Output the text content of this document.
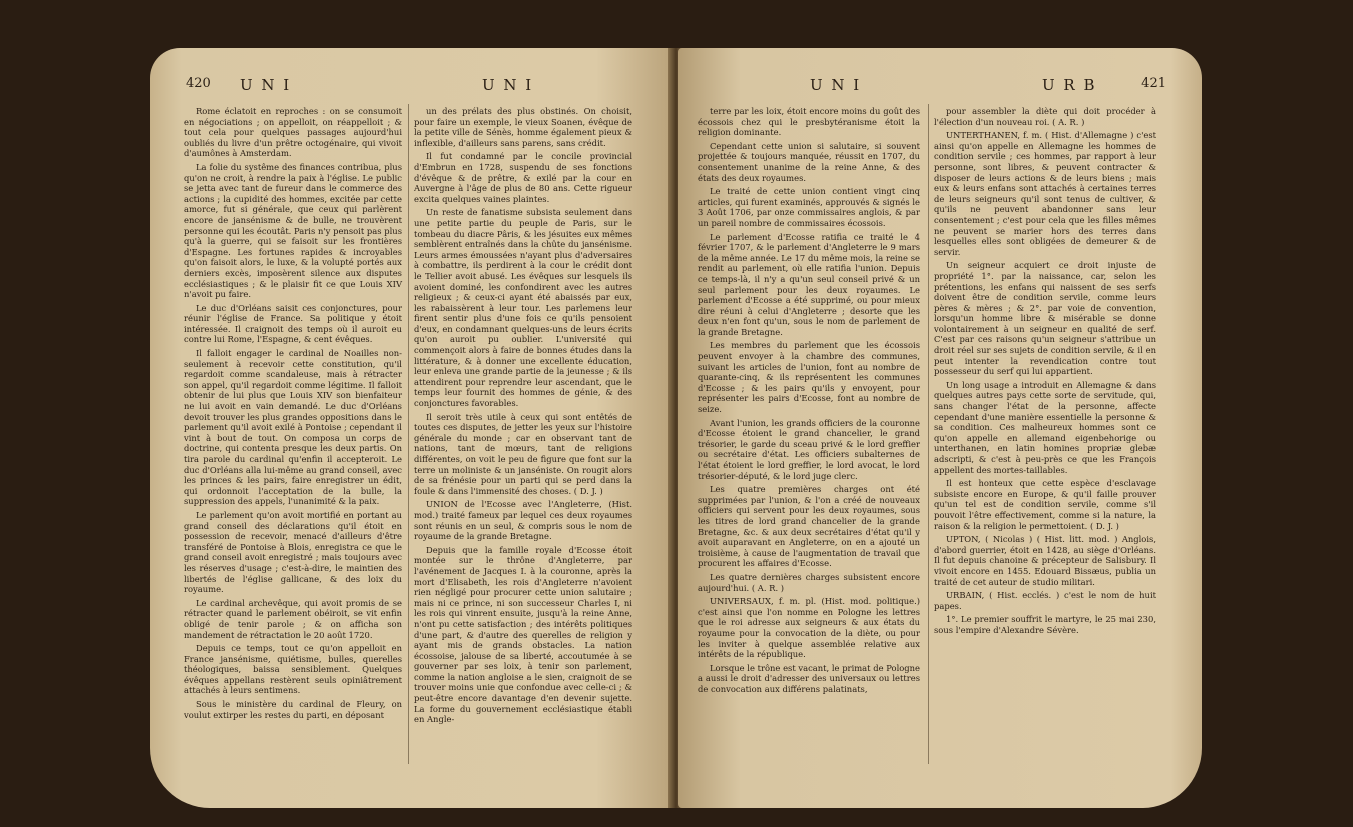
420 U N I	U N I

Rome éclatoit en reproches : on se consumoit en négociations ; on appelloit, on réappelloit ; & tout cela pour quelques passages aujourd'hui oubliés du livre d'un prêtre octogénaire, qui vivoit d'aumônes à Amsterdam.

La folie du systême des finances contribua, plus qu'on ne croit, à rendre la paix à l'église. Le public se jetta avec tant de fureur dans le commerce des actions ; la cupidité des hommes, excitée par cette amorce, fut si générale, que ceux qui parlèrent encore de jansénisme & de bulle, ne trouvèrent personne qui les écoutât. Paris n'y pensoit pas plus qu'à la guerre, qui se faisoit sur les frontières d'Espagne. Les fortunes rapides & incroyables qu'on faisoit alors, le luxe, & la volupté portés aux derniers excès, imposèrent silence aux disputes ecclésiastiques ; & le plaisir fit ce que Louis XIV n'avoit pu faire.

Le duc d'Orléans saisit ces conjonctures, pour réunir l'église de France. Sa politique y étoit intéressée. Il craignoit des temps où il auroit eu contre lui Rome, l'Espagne, & cent évêques.

Il falloit engager le cardinal de Noailles non-seulement à recevoir cette constitution, qu'il regardoit comme scandaleuse, mais à rétracter son appel, qu'il regardoit comme légitime. Il falloit obtenir de lui plus que Louis XIV son bienfaiteur ne lui avoit en vain demandé. Le duc d'Orléans devoit trouver les plus grandes oppositions dans le parlement qu'il avoit exilé à Pontoise ; cependant il vint à bout de tout. On composa un corps de doctrine, qui contenta presque les deux partis. On tira parole du cardinal qu'enfin il accepteroit. Le duc d'Orléans alla lui-même au grand conseil, avec les princes & les pairs, faire enregistrer un édit, qui ordonnoit l'acceptation de la bulle, la suppression des appels, l'unanimité & la paix.

Le parlement qu'on avoit mortifié en portant au grand conseil des déclarations qu'il étoit en possession de recevoir, menacé d'ailleurs d'être transféré de Pontoise à Blois, enregistra ce que le grand conseil avoit enregistré ; mais toujours avec les réserves d'usage ; c'est-à-dire, le maintien des libertés de l'église gallicane, & des loix du royaume.

Le cardinal archevêque, qui avoit promis de se rétracter quand le parlement obéiroit, se vit enfin obligé de tenir parole ; & on afficha son mandement de rétractation le 20 août 1720.

Depuis ce temps, tout ce qu'on appelloit en France jansénisme, quiétisme, bulles, querelles théologiques, baissa sensiblement. Quelques évêques appellans restèrent seuls opiniâtrement attachés à leurs sentimens.

Sous le ministère du cardinal de Fleury, on voulut extirper les restes du parti, en déposant

un des prélats des plus obstinés. On choisit, pour faire un exemple, le vieux Soanen, évêque de la petite ville de Sénès, homme également pieux & inflexible, d'ailleurs sans parens, sans crédit.

Il fut condamné par le concile provincial d'Embrun en 1728, suspendu de ses fonctions d'évêque & de prêtre, & exilé par la cour en Auvergne à l'âge de plus de 80 ans. Cette rigueur excita quelques vaines plaintes.

Un reste de fanatisme subsista seulement dans une petite partie du peuple de Paris, sur le tombeau du diacre Pâris, & les jésuites eux mêmes semblèrent entraînés dans la chûte du jansénisme. Leurs armes émoussées n'ayant plus d'adversaires à combattre, ils perdirent à la cour le crédit dont le Tellier avoit abusé. Les évêques sur lesquels ils avoient dominé, les confondirent avec les autres religieux ; & ceux-ci ayant été abaissés par eux, les rabaissèrent à leur tour. Les parlemens leur firent sentir plus d'une fois ce qu'ils pensoient d'eux, en condamnant quelques-uns de leurs écrits qu'on auroit pu oublier. L'université qui commençoit alors à faire de bonnes études dans la littérature, & à donner une excellente éducation, leur enleva une grande partie de la jeunesse ; & ils attendirent pour reprendre leur ascendant, que le temps leur fournit des hommes de génie, & des conjonctures favorables.

Il seroit très utile à ceux qui sont entêtés de toutes ces disputes, de jetter les yeux sur l'histoire générale du monde ; car en observant tant de nations, tant de mœurs, tant de religions différentes, on voit le peu de figure que font sur la terre un moliniste & un janséniste. On rougit alors de sa frénésie pour un parti qui se perd dans la foule & dans l'immensité des choses. ( D. J. )

UNION de l'Ecosse avec l'Angleterre, (Hist. mod.) traité fameux par lequel ces deux royaumes sont réunis en un seul, & compris sous le nom de royaume de la grande Bretagne.

Depuis que la famille royale d'Ecosse étoit montée sur le thrône d'Angleterre, par l'avénement de Jacques I. à la couronne, après la mort d'Elisabeth, les rois d'Angleterre n'avoient rien négligé pour procurer cette union salutaire ; mais ni ce prince, ni son successeur Charles I, ni les rois qui vinrent ensuite, jusqu'à la reine Anne, n'ont pu cette satisfaction ; des intérêts politiques d'une part, & d'autre des querelles de religion y ayant mis de grands obstacles. La nation écossoise, jalouse de sa liberté, accoutumée à se gouverner par ses loix, à tenir son parlement, comme la nation angloise a le sien, craignoit de se trouver moins unie que confondue avec celle-ci ; & peut-être encore davantage d'en devenir sujette. La forme du gouvernement ecclésiastique établi en Angle-

U N I	U R B	421

terre par les loix, étoit encore moins du goût des écossois chez qui le presbytéranisme étoit la religion dominante.

Cependant cette union si salutaire, si souvent projettée & toujours manquée, réussit en 1707, du consentement unanime de la reine Anne, & des états des deux royaumes.

Le traité de cette union contient vingt cinq articles, qui furent examinés, approuvés & signés le 3 Août 1706, par onze commissaires anglois, & par un pareil nombre de commissaires écossois.

Le parlement d'Ecosse ratifia ce traité le 4 février 1707, & le parlement d'Angleterre le 9 mars de la même année. Le 17 du même mois, la reine se rendit au parlement, où elle ratifia l'union. Depuis ce temps-là, il n'y a qu'un seul conseil privé & un seul parlement pour les deux royaumes. Le parlement d'Ecosse a été supprimé, ou pour mieux dire réuni à celui d'Angleterre ; desorte que les deux n'en font qu'un, sous le nom de parlement de la grande Bretagne.

Les membres du parlement que les écossois peuvent envoyer à la chambre des communes, suivant les articles de l'union, font au nombre de quarante-cinq, & ils représentent les communes d'Ecosse ; & les pairs qu'ils y envoyent, pour représenter les pairs d'Ecosse, font au nombre de seize.

Avant l'union, les grands officiers de la couronne d'Ecosse étoient le grand chancelier, le grand trésorier, le garde du sceau privé & le lord greffier ou secrétaire d'état. Les officiers subalternes de l'état étoient le lord greffier, le lord avocat, le lord trésorier-député, & le lord juge clerc.

Les quatre premières charges ont été supprimées par l'union, & l'on a créé de nouveaux officiers qui servent pour les deux royaumes, sous les titres de lord grand chancelier de la grande Bretagne, &c. & aux deux secrétaires d'état qu'il y avoit auparavant en Angleterre, on en a ajouté un troisième, à cause de l'augmentation de travail que procurent les affaires d'Ecosse.

Les quatre dernières charges subsistent encore aujourd'hui. ( A. R. )

UNIVERSAUX, f. m. pl. (Hist. mod. politique.) c'est ainsi que l'on nomme en Pologne les lettres que le roi adresse aux seigneurs & aux états du royaume pour la convocation de la diète, ou pour les inviter à quelque assemblée relative aux intérêts de la république.

Lorsque le trône est vacant, le primat de Pologne a aussi le droit d'adresser des universaux ou lettres de convocation aux différens palatinats,

pour assembler la diète qui doit procéder à l'élection d'un nouveau roi. ( A. R. )

UNTERTHANEN, f. m. ( Hist. d'Allemagne ) c'est ainsi qu'on appelle en Allemagne les hommes de condition servile ; ces hommes, par rapport à leur personne, sont libres, & peuvent contracter & disposer de leurs actions & de leurs biens ; mais eux & leurs enfans sont attachés à certaines terres de leurs seigneurs qu'il sont tenus de cultiver, & qu'ils ne peuvent abandonner sans leur consentement ; c'est pour cela que les filles mêmes ne peuvent se marier hors des terres dans lesquelles elles sont obligées de demeurer & de servir.

Un seigneur acquiert ce droit injuste de propriété 1°. par la naissance, car, selon les prétentions, les enfans qui naissent de ses serfs doivent être de condition servile, comme leurs pères & mères ; & 2°. par voie de convention, lorsqu'un homme libre & misérable se donne volontairement à un seigneur en qualité de serf. C'est par ces raisons qu'un seigneur s'attribue un droit réel sur ses sujets de condition servile, & il en peut intenter la revendication contre tout possesseur du serf qui lui appartient.

Un long usage a introduit en Allemagne & dans quelques autres pays cette sorte de servitude, qui, sans changer l'état de la personne, affecte cependant d'une manière essentielle la personne & sa condition. Ces malheureux hommes sont ce qu'on appelle en allemand eigenbehorige ou unterthanen, en latin homines propriæ glebæ adscripti, & c'est à peu-près ce que les François appellent des mortes-taillables.

Il est honteux que cette espèce d'esclavage subsiste encore en Europe, & qu'il faille prouver qu'un tel est de condition servile, comme s'il pouvoit l'être effectivement, comme si la nature, la raison & la religion le permettoient. ( D. J. )

UPTON, ( Nicolas ) ( Hist. litt. mod. ) Anglois, d'abord guerrier, étoit en 1428, au siège d'Orléans. Il fut depuis chanoine & précepteur de Salisbury. Il vivoit encore en 1455. Edouard Bissæus, publia un traité de cet auteur de studio militari.

URBAIN, ( Hist. ecclés. ) c'est le nom de huit papes.

1°. Le premier souffrit le martyre, le 25 mai 230, sous l'empire d'Alexandre Sévère.
